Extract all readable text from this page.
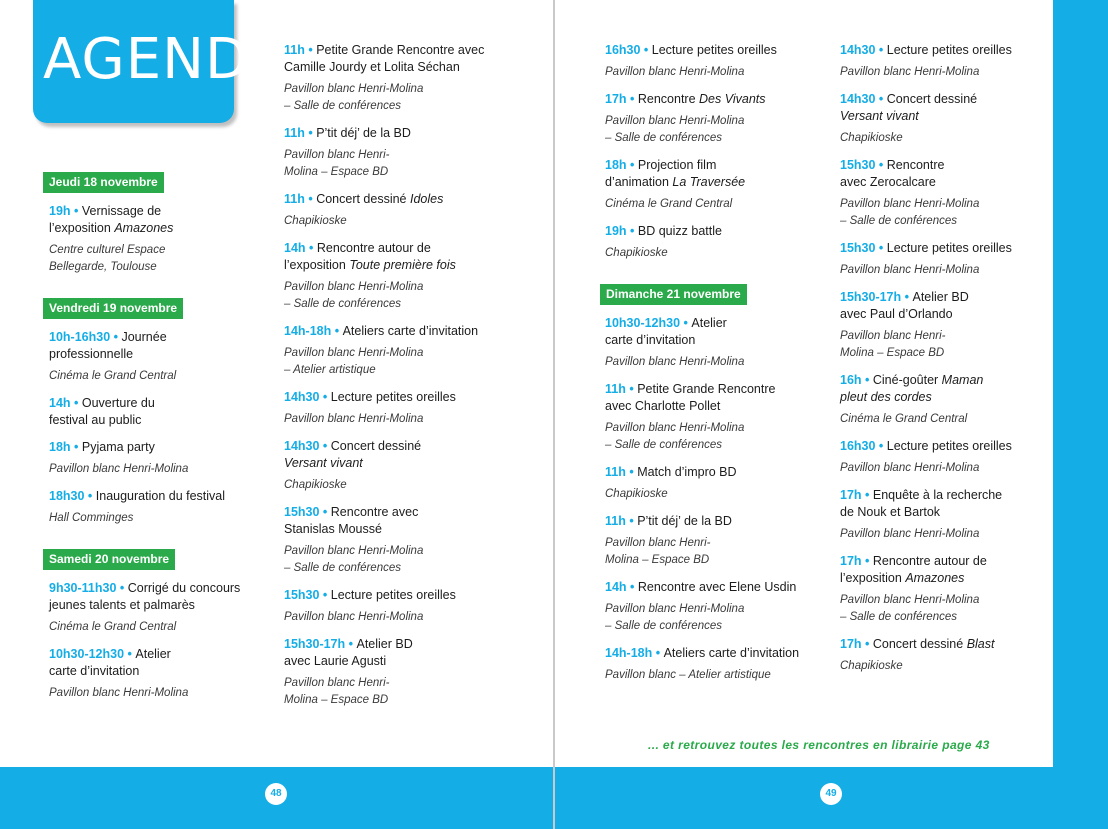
48
AGENDA
Jeudi 18 novembre
19h • Vernissage de
l’exposition Amazones
Centre culturel Espace
Bellegarde, Toulouse
Vendredi 19 novembre
10h-16h30 • Journée
professionnelle
Cinéma le Grand Central
14h • Ouverture du
festival au public
18h • Pyjama party
Pavillon blanc Henri-Molina
18h30 • Inauguration du festival
Hall Comminges
Samedi 20 novembre
9h30-11h30 • Corrigé du concours
jeunes talents et palmarès
Cinéma le Grand Central
10h30-12h30 • Atelier
carte d’invitation
Pavillon blanc Henri-Molina
11h • Petite Grande Rencontre avec
Camille Jourdy et Lolita Séchan
Pavillon blanc Henri-Molina
– Salle de conférences
11h • P’tit déj’ de la BD
Pavillon blanc Henri-
Molina – Espace BD
11h • Concert dessiné Idoles
Chapikioske
14h • Rencontre autour de
l’exposition Toute première fois
Pavillon blanc Henri-Molina
– Salle de conférences
14h-18h • Ateliers carte d’invitation
Pavillon blanc Henri-Molina
– Atelier artistique
14h30 • Lecture petites oreilles
Pavillon blanc Henri-Molina
14h30 • Concert dessiné
Versant vivant
Chapikioske
15h30 • Rencontre avec
Stanislas Moussé
Pavillon blanc Henri-Molina
– Salle de conférences
15h30 • Lecture petites oreilles
Pavillon blanc Henri-Molina
15h30-17h • Atelier BD
avec Laurie Agusti
Pavillon blanc Henri-
Molina – Espace BD
49
16h30 • Lecture petites oreilles
Pavillon blanc Henri-Molina
17h • Rencontre Des Vivants
Pavillon blanc Henri-Molina
– Salle de conférences
18h • Projection film
d’animation La Traversée
Cinéma le Grand Central
19h • BD quizz battle
Chapikioske
Dimanche 21 novembre
10h30-12h30 • Atelier
carte d’invitation
Pavillon blanc Henri-Molina
11h • Petite Grande Rencontre
avec Charlotte Pollet
Pavillon blanc Henri-Molina
– Salle de conférences
11h • Match d’impro BD
Chapikioske
11h • P’tit déj’ de la BD
Pavillon blanc Henri-
Molina – Espace BD
14h • Rencontre avec Elene Usdin
Pavillon blanc Henri-Molina
– Salle de conférences
14h-18h • Ateliers carte d’invitation
Pavillon blanc – Atelier artistique
14h30 • Lecture petites oreilles
Pavillon blanc Henri-Molina
14h30 • Concert dessiné
Versant vivant
Chapikioske
15h30 • Rencontre
avec Zerocalcare
Pavillon blanc Henri-Molina
– Salle de conférences
15h30 • Lecture petites oreilles
Pavillon blanc Henri-Molina
15h30-17h • Atelier BD
avec Paul d’Orlando
Pavillon blanc Henri-
Molina – Espace BD
16h • Ciné-goûter Maman
pleut des cordes
Cinéma le Grand Central
16h30 • Lecture petites oreilles
Pavillon blanc Henri-Molina
17h • Enquête à la recherche
de Nouk et Bartok
Pavillon blanc Henri-Molina
17h • Rencontre autour de
l’exposition Amazones
Pavillon blanc Henri-Molina
– Salle de conférences
17h • Concert dessiné Blast
Chapikioske
... et retrouvez toutes les rencontres en librairie page 43
